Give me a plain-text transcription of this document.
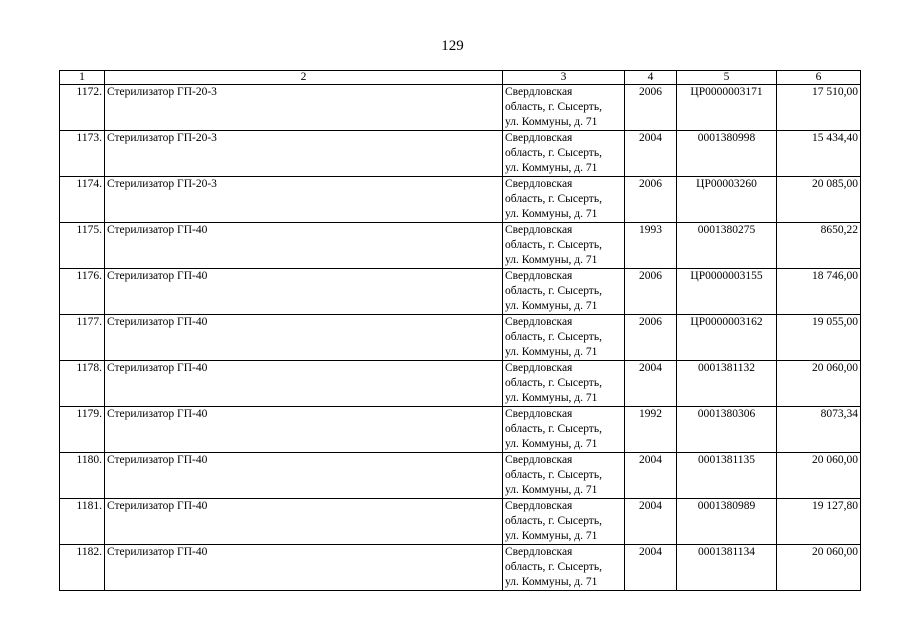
129
1	2	3	4	5	6
1172.	Стерилизатор ГП-20-3	Свердловская
область, г. Сысерть,
ул. Коммуны, д. 71	2006	ЦР0000003171	17 510,00
1173.	Стерилизатор ГП-20-3	Свердловская
область, г. Сысерть,
ул. Коммуны, д. 71	2004	0001380998	15 434,40
1174.	Стерилизатор ГП-20-3	Свердловская
область, г. Сысерть,
ул. Коммуны, д. 71	2006	ЦР00003260	20 085,00
1175.	Стерилизатор ГП-40	Свердловская
область, г. Сысерть,
ул. Коммуны, д. 71	1993	0001380275	8650,22
1176.	Стерилизатор ГП-40	Свердловская
область, г. Сысерть,
ул. Коммуны, д. 71	2006	ЦР0000003155	18 746,00
1177.	Стерилизатор ГП-40	Свердловская
область, г. Сысерть,
ул. Коммуны, д. 71	2006	ЦР0000003162	19 055,00
1178.	Стерилизатор ГП-40	Свердловская
область, г. Сысерть,
ул. Коммуны, д. 71	2004	0001381132	20 060,00
1179.	Стерилизатор ГП-40	Свердловская
область, г. Сысерть,
ул. Коммуны, д. 71	1992	0001380306	8073,34
1180.	Стерилизатор ГП-40	Свердловская
область, г. Сысерть,
ул. Коммуны, д. 71	2004	0001381135	20 060,00
1181.	Стерилизатор ГП-40	Свердловская
область, г. Сысерть,
ул. Коммуны, д. 71	2004	0001380989	19 127,80
1182.	Стерилизатор ГП-40	Свердловская
область, г. Сысерть,
ул. Коммуны, д. 71	2004	0001381134	20 060,00
